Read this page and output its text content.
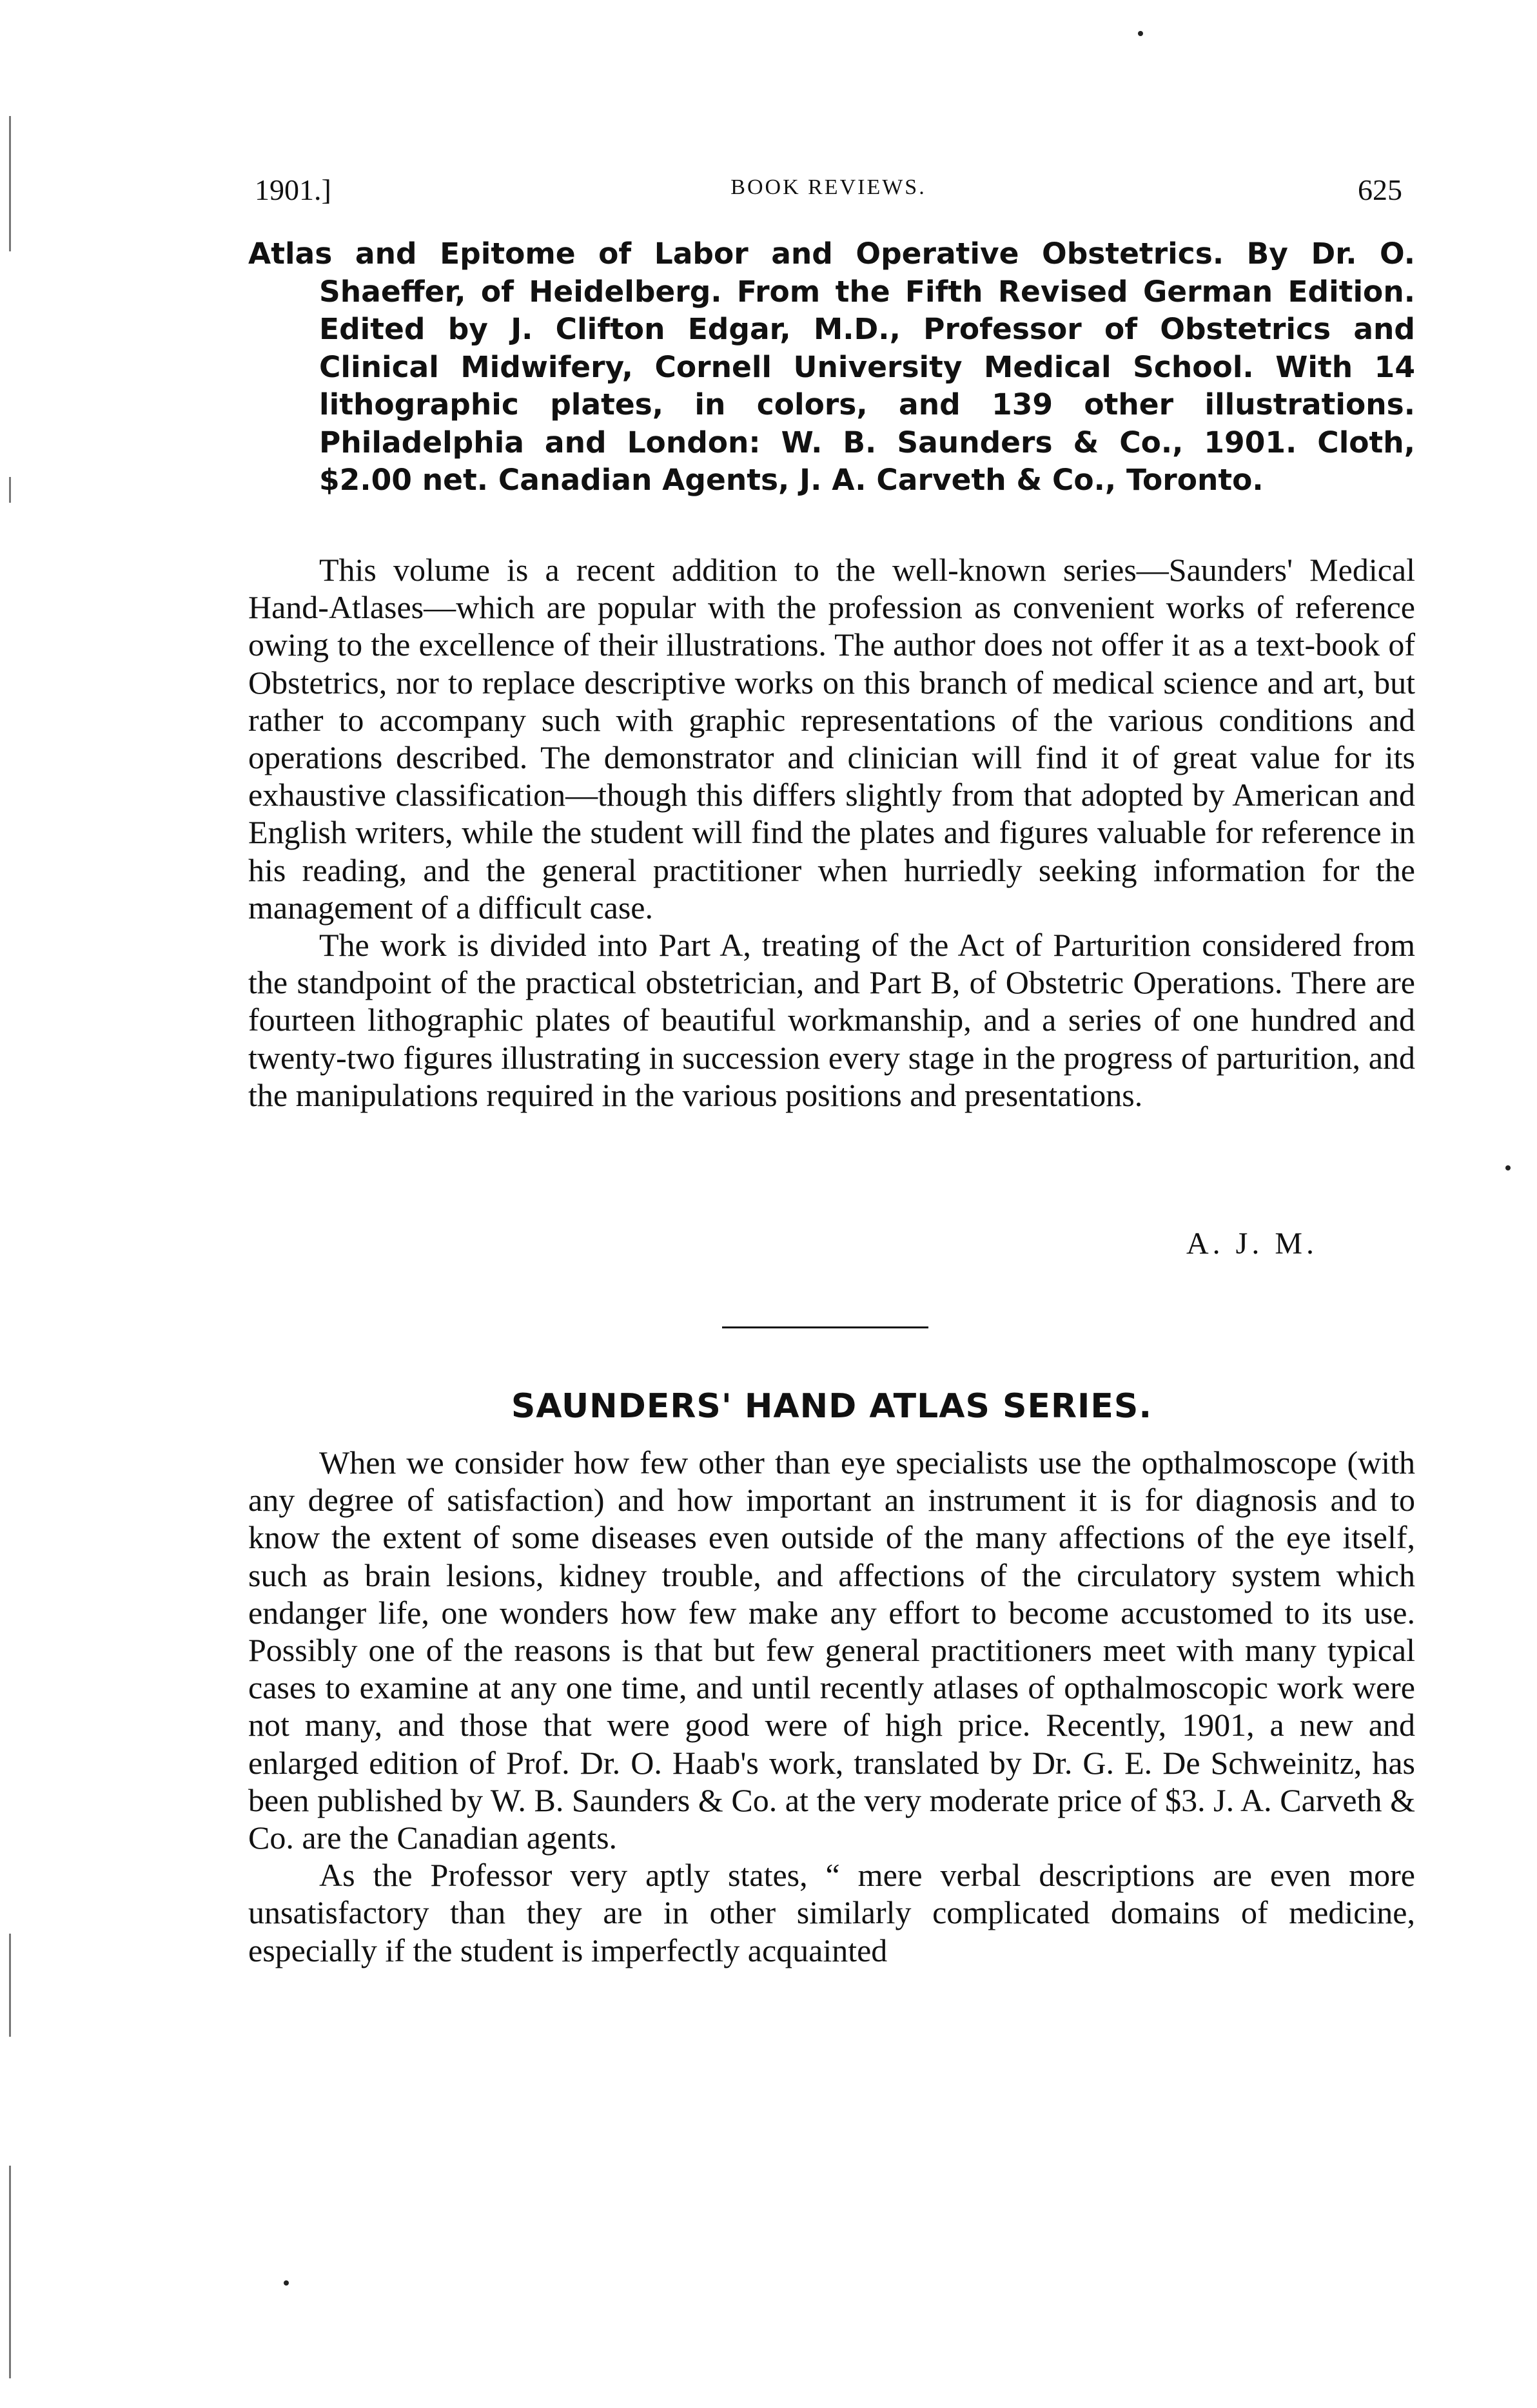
1901.]	BOOK REVIEWS.	625
Atlas and Epitome of Labor and Operative Obstetrics. By Dr. O. Shaeffer, of Heidelberg. From the Fifth Revised German Edition. Edited by J. Clifton Edgar, M.D., Professor of Obstetrics and Clinical Midwifery, Cornell University Medical School. With 14 lithographic plates, in colors, and 139 other illustrations. Philadelphia and London: W. B. Saunders & Co., 1901. Cloth, $2.00 net. Canadian Agents, J. A. Carveth & Co., Toronto.

This volume is a recent addition to the well-known series—Saunders' Medical Hand-Atlases—which are popular with the profession as convenient works of reference owing to the excellence of their illustrations. The author does not offer it as a text-book of Obstetrics, nor to replace descriptive works on this branch of medical science and art, but rather to accompany such with graphic representations of the various conditions and operations described. The demonstrator and clinician will find it of great value for its exhaustive classification—though this differs slightly from that adopted by American and English writers, while the student will find the plates and figures valuable for reference in his reading, and the general practitioner when hurriedly seeking information for the management of a difficult case.

The work is divided into Part A, treating of the Act of Parturition considered from the standpoint of the practical obstetrician, and Part B, of Obstetric Operations. There are fourteen lithographic plates of beautiful workmanship, and a series of one hundred and twenty-two figures illustrating in succession every stage in the progress of parturition, and the manipulations required in the various positions and presentations.

A. J. M.
SAUNDERS' HAND ATLAS SERIES.

When we consider how few other than eye specialists use the opthalmoscope (with any degree of satisfaction) and how important an instrument it is for diagnosis and to know the extent of some diseases even outside of the many affections of the eye itself, such as brain lesions, kidney trouble, and affections of the circulatory system which endanger life, one wonders how few make any effort to become accustomed to its use. Possibly one of the reasons is that but few general practitioners meet with many typical cases to examine at any one time, and until recently atlases of opthalmoscopic work were not many, and those that were good were of high price. Recently, 1901, a new and enlarged edition of Prof. Dr. O. Haab's work, translated by Dr. G. E. De Schweinitz, has been published by W. B. Saunders & Co. at the very moderate price of $3. J. A. Carveth & Co. are the Canadian agents.

As the Professor very aptly states, “ mere verbal descriptions are even more unsatisfactory than they are in other similarly complicated domains of medicine, especially if the student is imperfectly acquainted
